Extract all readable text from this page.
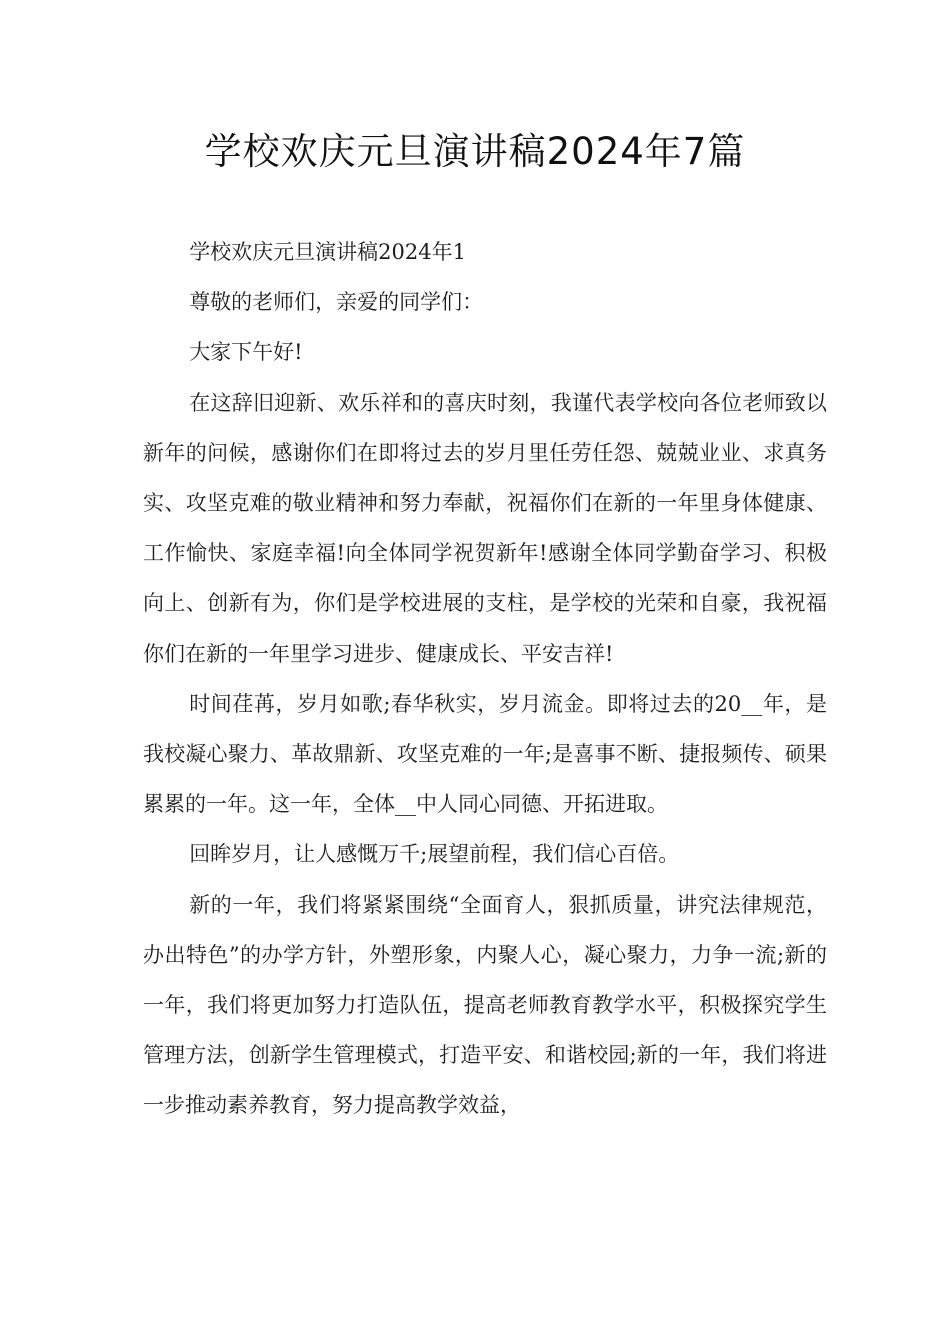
学校欢庆元旦演讲稿2024年7篇

学校欢庆元旦演讲稿2024年1

尊敬的老师们，亲爱的同学们：

大家下午好!

在这辞旧迎新、欢乐祥和的喜庆时刻，我谨代表学校向各位老师致以新年的问候，感谢你们在即将过去的岁月里任劳任怨、兢兢业业、求真务实、攻坚克难的敬业精神和努力奉献，祝福你们在新的一年里身体健康、工作愉快、家庭幸福!向全体同学祝贺新年!感谢全体同学勤奋学习、积极向上、创新有为，你们是学校进展的支柱，是学校的光荣和自豪，我祝福你们在新的一年里学习进步、健康成长、平安吉祥!

时间荏苒，岁月如歌;春华秋实，岁月流金。即将过去的20__年，是我校凝心聚力、革故鼎新、攻坚克难的一年;是喜事不断、捷报频传、硕果累累的一年。这一年，全体__中人同心同德、开拓进取。

回眸岁月，让人感慨万千;展望前程，我们信心百倍。

新的一年，我们将紧紧围绕“全面育人，狠抓质量，讲究法律规范，办出特色”的办学方针，外塑形象，内聚人心，凝心聚力，力争一流;新的一年，我们将更加努力打造队伍，提高老师教育教学水平，积极探究学生管理方法，创新学生管理模式，打造平安、和谐校园;新的一年，我们将进一步推动素养教育，努力提高教学效益，
